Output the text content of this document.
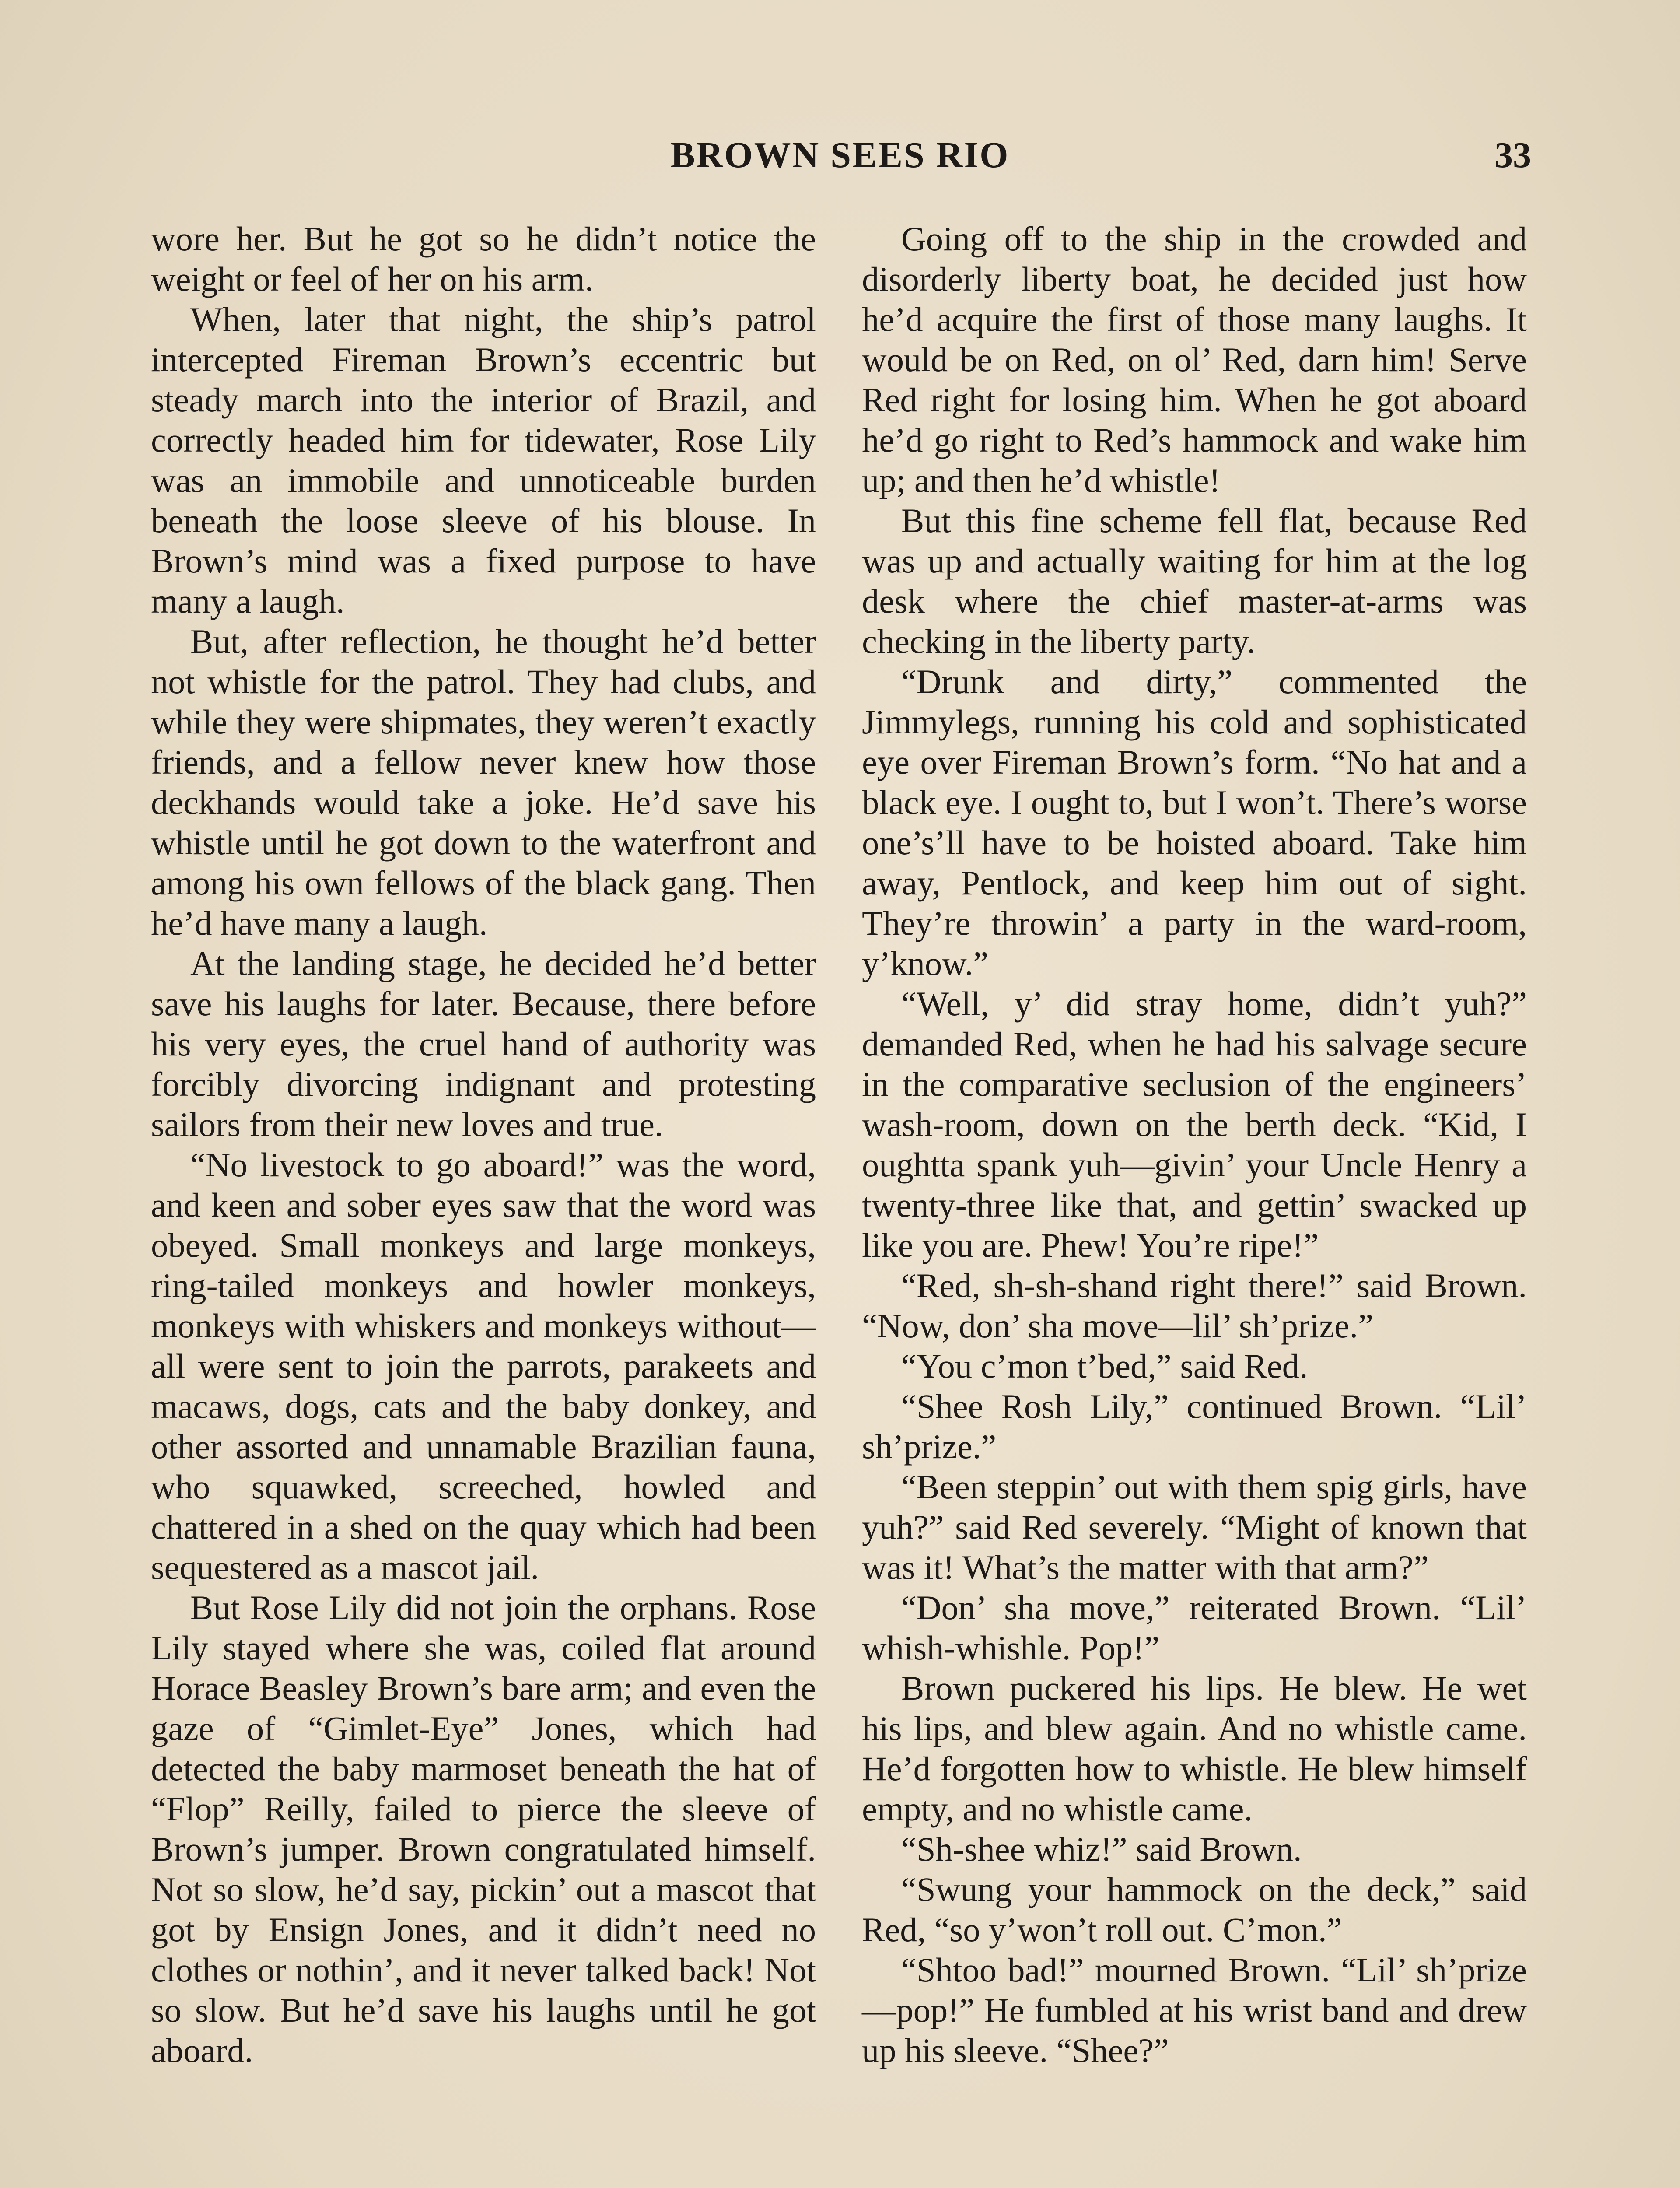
BROWN SEES RIO	33

wore her. But he got so he didn’t notice the weight or feel of her on his arm.

When, later that night, the ship’s patrol intercepted Fireman Brown’s eccentric but steady march into the interior of Brazil, and correctly headed him for tidewater, Rose Lily was an immobile and unnoticeable burden beneath the loose sleeve of his blouse. In Brown’s mind was a fixed purpose to have many a laugh.

But, after reflection, he thought he’d better not whistle for the patrol. They had clubs, and while they were shipmates, they weren’t exactly friends, and a fellow never knew how those deckhands would take a joke. He’d save his whistle until he got down to the waterfront and among his own fellows of the black gang. Then he’d have many a laugh.

At the landing stage, he decided he’d better save his laughs for later. Because, there before his very eyes, the cruel hand of authority was forcibly divorcing indignant and protesting sailors from their new loves and true.

“No livestock to go aboard!” was the word, and keen and sober eyes saw that the word was obeyed. Small monkeys and large monkeys, ring-tailed monkeys and howler monkeys, monkeys with whiskers and monkeys without—all were sent to join the parrots, parakeets and macaws, dogs, cats and the baby donkey, and other assorted and unnamable Brazilian fauna, who squawked, screeched, howled and chattered in a shed on the quay which had been sequestered as a mascot jail.

But Rose Lily did not join the orphans. Rose Lily stayed where she was, coiled flat around Horace Beasley Brown’s bare arm; and even the gaze of “Gimlet-Eye” Jones, which had detected the baby marmoset beneath the hat of “Flop” Reilly, failed to pierce the sleeve of Brown’s jumper. Brown congratulated himself. Not so slow, he’d say, pickin’ out a mascot that got by Ensign Jones, and it didn’t need no clothes or nothin’, and it never talked back! Not so slow. But he’d save his laughs until he got aboard.

Going off to the ship in the crowded and disorderly liberty boat, he decided just how he’d acquire the first of those many laughs. It would be on Red, on ol’ Red, darn him! Serve Red right for losing him. When he got aboard he’d go right to Red’s hammock and wake him up; and then he’d whistle!

But this fine scheme fell flat, because Red was up and actually waiting for him at the log desk where the chief master-at-arms was checking in the liberty party.

“Drunk and dirty,” commented the Jimmylegs, running his cold and sophisticated eye over Fireman Brown’s form. “No hat and a black eye. I ought to, but I won’t. There’s worse one’s’ll have to be hoisted aboard. Take him away, Pentlock, and keep him out of sight. They’re throwin’ a party in the ward-room, y’know.”

“Well, y’ did stray home, didn’t yuh?” demanded Red, when he had his salvage secure in the comparative seclusion of the engineers’ wash-room, down on the berth deck. “Kid, I oughtta spank yuh—givin’ your Uncle Henry a twenty-three like that, and gettin’ swacked up like you are. Phew! You’re ripe!”

“Red, sh-sh-shand right there!” said Brown. “Now, don’ sha move—lil’ sh’prize.”

“You c’mon t’bed,” said Red.

“Shee Rosh Lily,” continued Brown. “Lil’ sh’prize.”

“Been steppin’ out with them spig girls, have yuh?” said Red severely. “Might of known that was it! What’s the matter with that arm?”

“Don’ sha move,” reiterated Brown. “Lil’ whish-whishle. Pop!”

Brown puckered his lips. He blew. He wet his lips, and blew again. And no whistle came. He’d forgotten how to whistle. He blew himself empty, and no whistle came.

“Sh-shee whiz!” said Brown.

“Swung your hammock on the deck,” said Red, “so y’won’t roll out. C’mon.”

“Shtoo bad!” mourned Brown. “Lil’ sh’prize—pop!” He fumbled at his wrist band and drew up his sleeve. “Shee?”
